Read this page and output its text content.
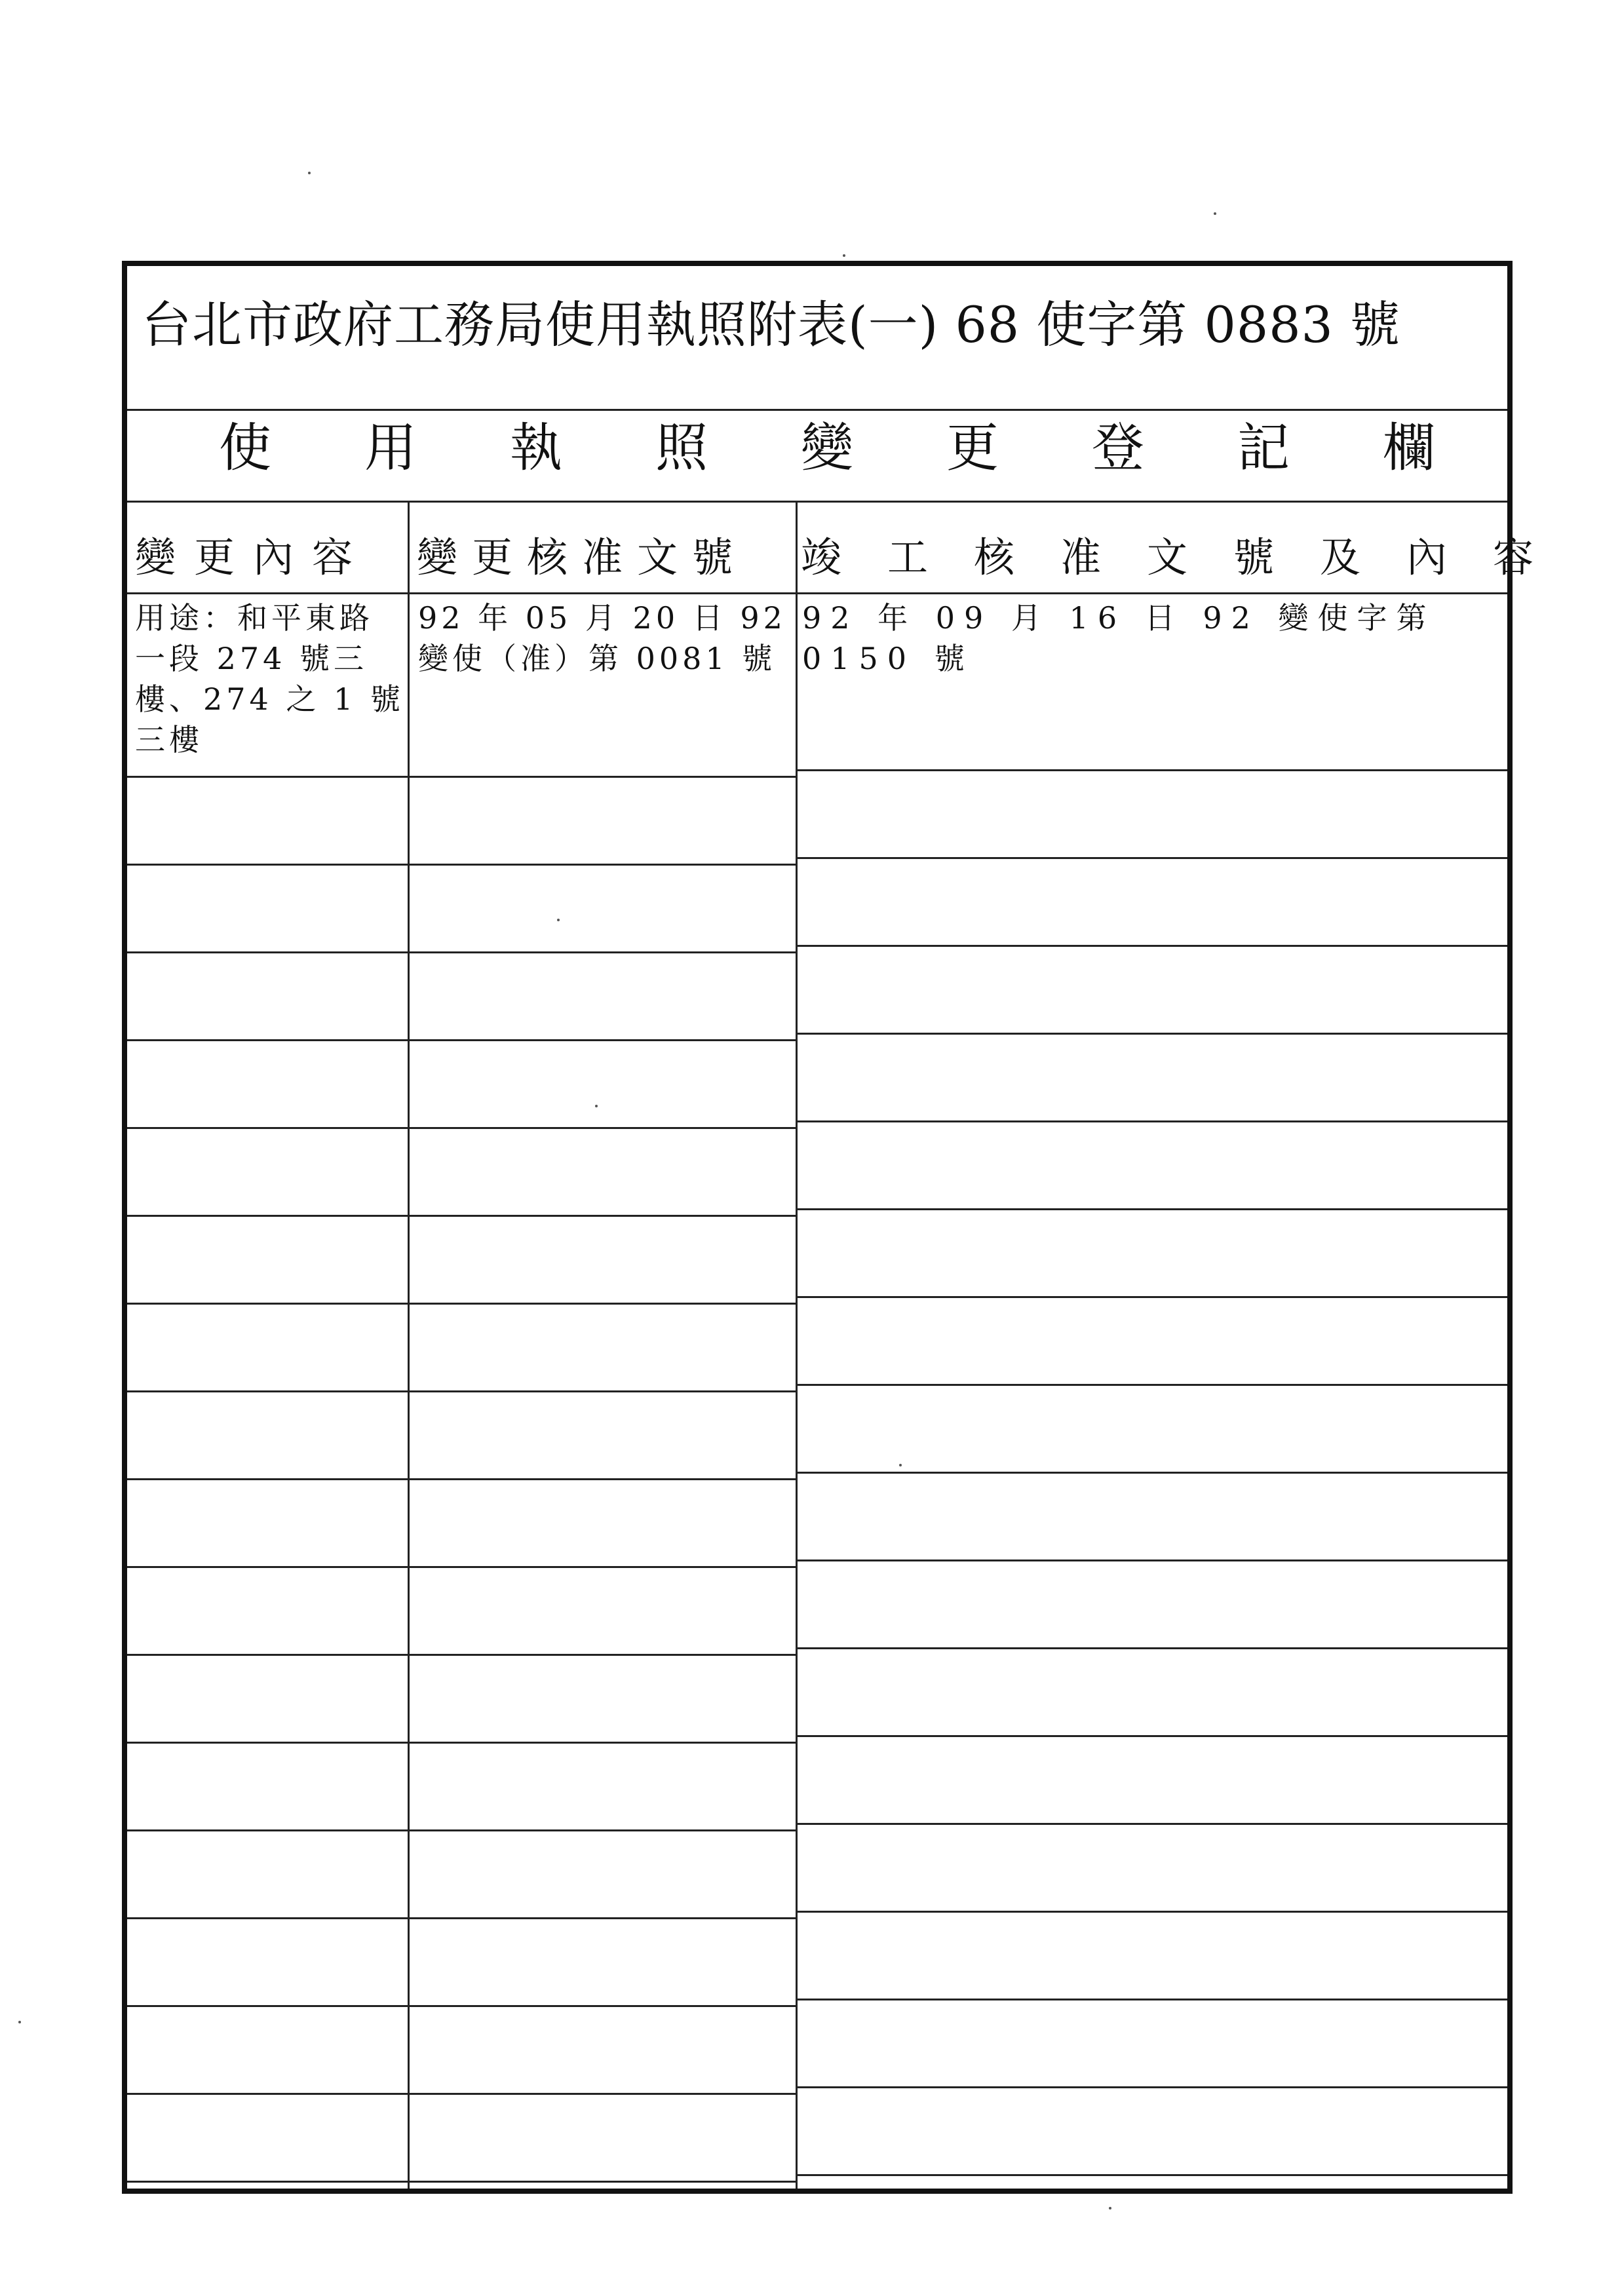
台北市政府工務局使用執照附表(一) 68 使字第 0883 號
使 用 執 照 變 更 登 記 欄
變更內容	變更核准文號	竣工核准文號及內容
用途：和平東路一段 274 號三樓、274 之 1 號三樓
92 年 05 月 20 日 92 變使（准）第 0081 號
92 年 09 月 16 日 92 變使字第 0150 號
